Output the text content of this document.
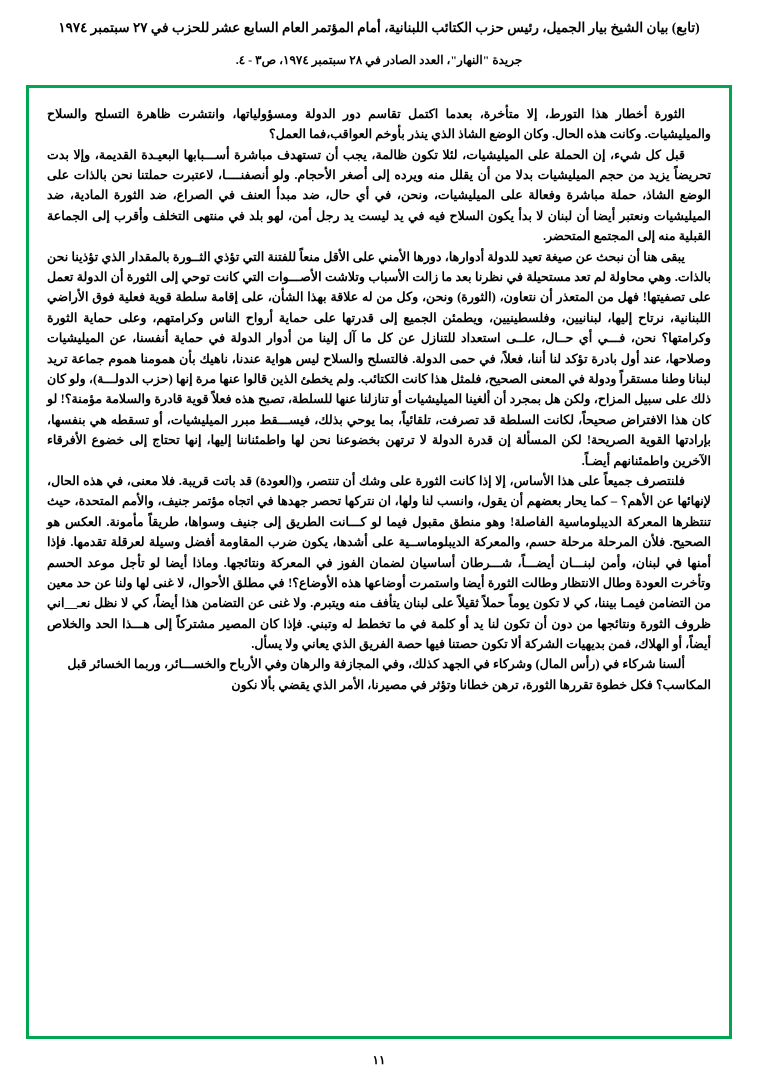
(تابع) بيان الشيخ بيار الجميل، رئيس حزب الكتائب اللبنانية، أمام المؤتمر العام السابع عشر للحزب في ٢٧ سبتمبر ١٩٧٤
جريدة "النهار"، العدد الصادر في ٢٨ سبتمبر ١٩٧٤، ص٣ - ٤.

الثورة أخطار هذا التورط، إلا متأخرة، بعدما اكتمل تقاسم دور الدولة ومسؤولياتها، وانتشرت ظاهرة التسلح والسلاح والميليشيات. وكانت هذه الحال. وكان الوضع الشاذ الذي ينذر بأوخم العواقب،فما العمل؟

قبل كل شيء، إن الحملة على الميليشيات، لئلا تكون ظالمة، يجب أن تستهدف مباشرة أســـبابها البعيـدة القديمة، وإلا بدت تحريضاً يزيد من حجم الميليشيات بدلا من أن يقلل منه ويرده إلى أصغر الأحجام. ولو أنصفنــــا، لاعتبرت حملتنا نحن بالذات على الوضع الشاذ، حملة مباشرة وفعالة على الميليشيات، ونحن، في أي حال، ضد مبدأ العنف في الصراع، ضد الثورة المادية، ضد الميليشيات ونعتبر أيضا أن لبنان لا بدأ يكون السلاح فيه في يد ليست يد رجل أمن، لهو بلد في منتهى التخلف وأقرب إلى الجماعة القبلية منه إلى المجتمع المتحضر.

يبقى هنا أن نبحث عن صيغة تعيد للدولة أدوارها، دورها الأمني على الأقل منعاً للفتنة التي تؤذي الثــورة بالمقدار الذي تؤذينا نحن بالذات. وهي محاولة لم تعد مستحيلة في نظرنا بعد ما زالت الأسباب وتلاشت الأصـــوات التي كانت توحي إلى الثورة أن الدولة تعمل على تصفيتها! فهل من المتعذر أن نتعاون، (الثورة) ونحن، وكل من له علاقة بهذا الشأن، على إقامة سلطة قوية فعلية فوق الأراضي اللبنانية، نرتاح إليها، لبنانيين، وفلسطينيين، ويطمئن الجميع إلى قدرتها على حماية أرواح الناس وكرامتهم، وعلى حماية الثورة وكرامتها؟ نحن، فـــي أي حــال، علــى استعداد للتنازل عن كل ما آل إلينا من أدوار الدولة في حماية أنفسنا، عن الميليشيات وصلاحها، عند أول بادرة تؤكد لنا أننا، فعلاً، في حمى الدولة. فالتسلح والسلاح ليس هواية عندنا، ناهيك بأن همومنا هموم جماعة تريد لبنانا وطنا مستقراً ودولة في المعنى الصحيح، فلمثل هذا كانت الكتائب. ولم يخطئ الذين قالوا عنها مرة إنها (حزب الدولـــة)، ولو كان ذلك على سبيل المزاح، ولكن هل بمجرد أن ألغينا الميليشيات أو تنازلنا عنها للسلطة، تصبح هذه فعلاً قوية قادرة والسلامة مؤمنة؟! لو كان هذا الافتراض صحيحاً، لكانت السلطة قد تصرفت، تلقائياً، بما يوحي بذلك، فيســـقط مبرر الميليشيات، أو تسقطه هي بنفسها، بإرادتها القوية الصريحة! لكن المسألة إن قدرة الدولة لا ترتهن بخضوعنا نحن لها واطمئناننا إليها، إنها تحتاج إلى خضوع الأفرقاء الآخرين واطمئنانهم أيضـاً.

فلنتصرف جميعاً على هذا الأساس، إلا إذا كانت الثورة على وشك أن تنتصر، و(العودة) قد باتت قريبة. فلا معنى، في هذه الحال، لإنهائها عن الأهم؟ – كما يحار بعضهم أن يقول، وانسب لنا ولها، ان نتركها تحصر جهدها في اتجاه مؤتمر جنيف، والأمم المتحدة، حيث تنتظرها المعركة الديبلوماسية الفاصلة! وهو منطق مقبول فيما لو كـــانت الطريق إلى جنيف وسواها، طريقاً مأمونة. العكس هو الصحيح. فلأن المرحلة مرحلة حسم، والمعركة الديبلوماســية على أشدها، يكون ضرب المقاومة أفضل وسيلة لعرقلة تقدمها. فإذا أمنها في لبنان، وأمن لبنـــان أيضـــاً، شـــرطان أساسيان لضمان الفوز في المعركة ونتائجها. وماذا أيضا لو تأجل موعد الحسم وتأخرت العودة وطال الانتظار وطالت الثورة أيضا واستمرت أوضاعها هذه الأوضاع؟! في مطلق الأحوال، لا غنى لها ولنا عن حد معين من التضامن فيمـا بيننا، كي لا تكون يوماً حملاً ثقيلاً على لبنان يتأفف منه ويتبرم. ولا غنى عن التضامن هذا أيضاً، كي لا نظل نعـ__اني ظروف الثورة ونتائجها من دون أن تكون لنا يد أو كلمة في ما تخطط له وتبني. فإذا كان المصير مشتركاً إلى هـــذا الحد والخلاص أيضاً، أو الهلاك، فمن بديهيات الشركة ألا تكون حصتنا فيها حصة الفريق الذي يعاني ولا يسأل.

ألسنا شركاء في (رأس المال) وشركاء في الجهد كذلك، وفي المجازفة والرهان وفي الأرباح والخســـائر، وربما الخسائر قبل المكاسب؟ فكل خطوة تقررها الثورة، ترهن خطانا وتؤثر في مصيرنا، الأمر الذي يقضي بألا نكون

١١
